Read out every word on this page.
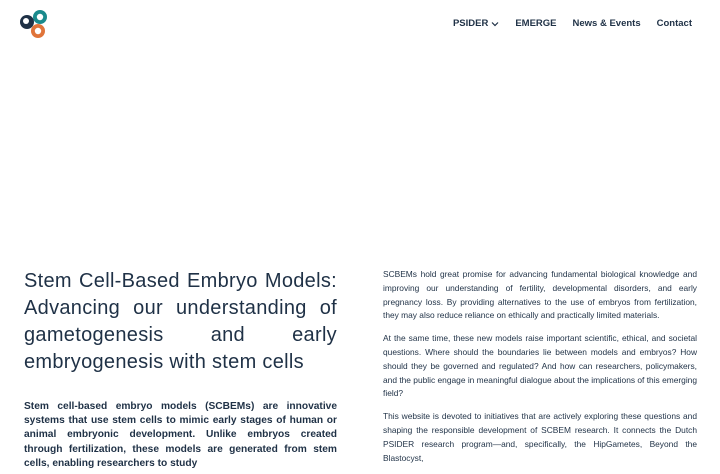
PSIDER	EMERGE News & Events Contact
Stem Cell-Based Embryo Models: Advancing our understanding of gametogenesis and early embryogenesis with stem cells

Stem cell-based embryo models (SCBEMs) are innovative systems that use stem cells to mimic early stages of human or animal embryonic development. Unlike embryos created through fertilization, these models are generated from stem cells, enabling researchers to study

SCBEMs hold great promise for advancing fundamental biological knowledge and improving our understanding of fertility, developmental disorders, and early pregnancy loss. By providing alternatives to the use of embryos from fertilization, they may also reduce reliance on ethically and practically limited materials.

At the same time, these new models raise important scientific, ethical, and societal questions. Where should the boundaries lie between models and embryos? How should they be governed and regulated? And how can researchers, policymakers, and the public engage in meaningful dialogue about the implications of this emerging field?

This website is devoted to initiatives that are actively exploring these questions and shaping the responsible development of SCBEM research. It connects the Dutch PSIDER research program—and, specifically, the HipGametes, Beyond the Blastocyst,
